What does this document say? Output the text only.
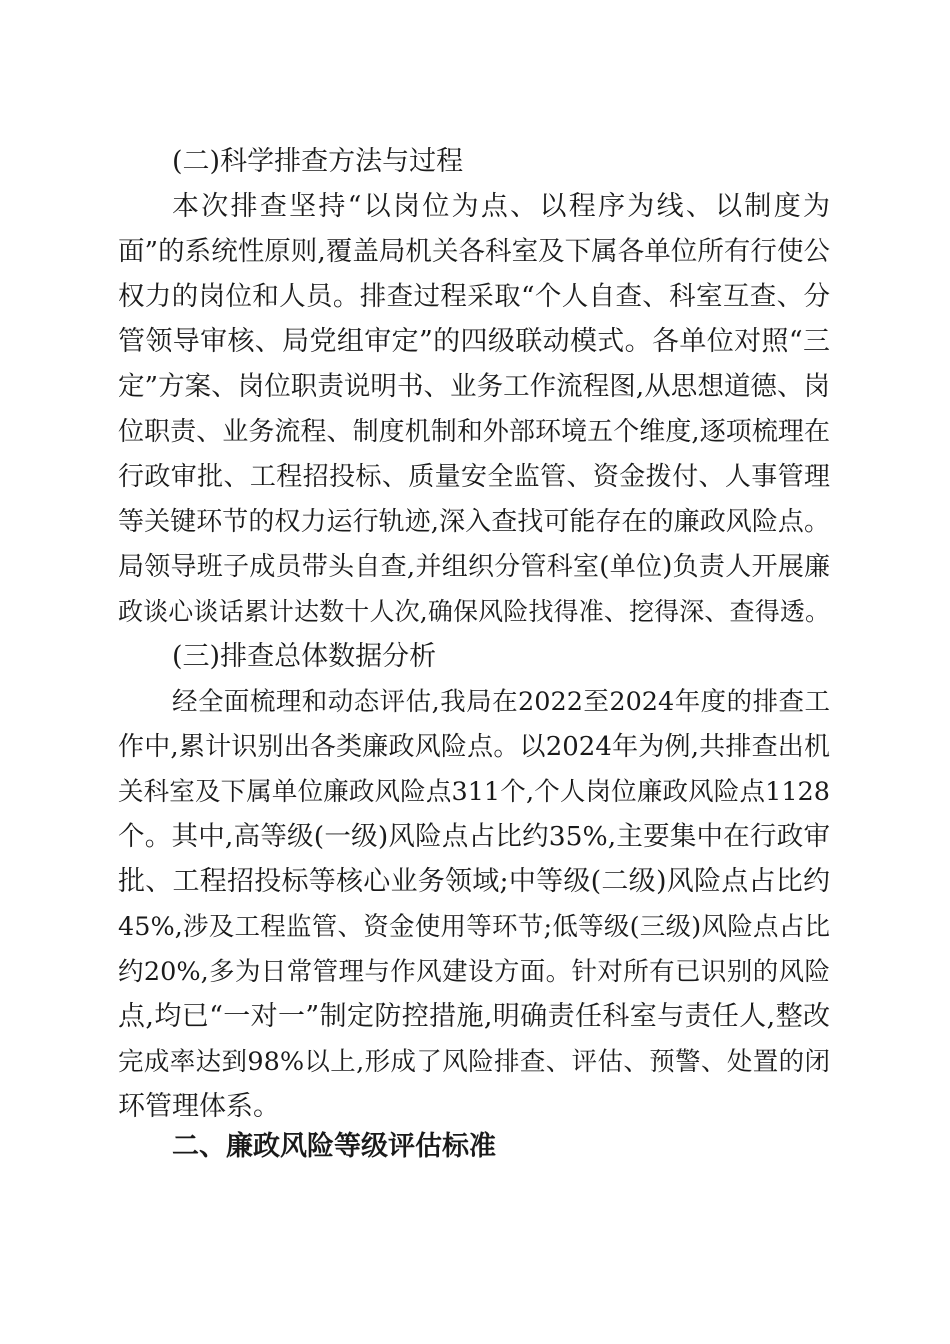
(二)科学排查方法与过程
本次排查坚持“以岗位为点、以程序为线、以制度为
面”的系统性原则,覆盖局机关各科室及下属各单位所有行使公
权力的岗位和人员。排查过程采取“个人自查、科室互查、分
管领导审核、局党组审定”的四级联动模式。各单位对照“三
定”方案、岗位职责说明书、业务工作流程图,从思想道德、岗
位职责、业务流程、制度机制和外部环境五个维度,逐项梳理在
行政审批、工程招投标、质量安全监管、资金拨付、人事管理
等关键环节的权力运行轨迹,深入查找可能存在的廉政风险点。
局领导班子成员带头自查,并组织分管科室(单位)负责人开展廉
政谈心谈话累计达数十人次,确保风险找得准、挖得深、查得透。
(三)排查总体数据分析
经全面梳理和动态评估,我局在2022至2024年度的排查工
作中,累计识别出各类廉政风险点。以2024年为例,共排查出机
关科室及下属单位廉政风险点311个,个人岗位廉政风险点1128
个。其中,高等级(一级)风险点占比约35%,主要集中在行政审
批、工程招投标等核心业务领域;中等级(二级)风险点占比约
45%,涉及工程监管、资金使用等环节;低等级(三级)风险点占比
约20%,多为日常管理与作风建设方面。针对所有已识别的风险
点,均已“一对一”制定防控措施,明确责任科室与责任人,整改
完成率达到98%以上,形成了风险排查、评估、预警、处置的闭
环管理体系。
二、廉政风险等级评估标准
